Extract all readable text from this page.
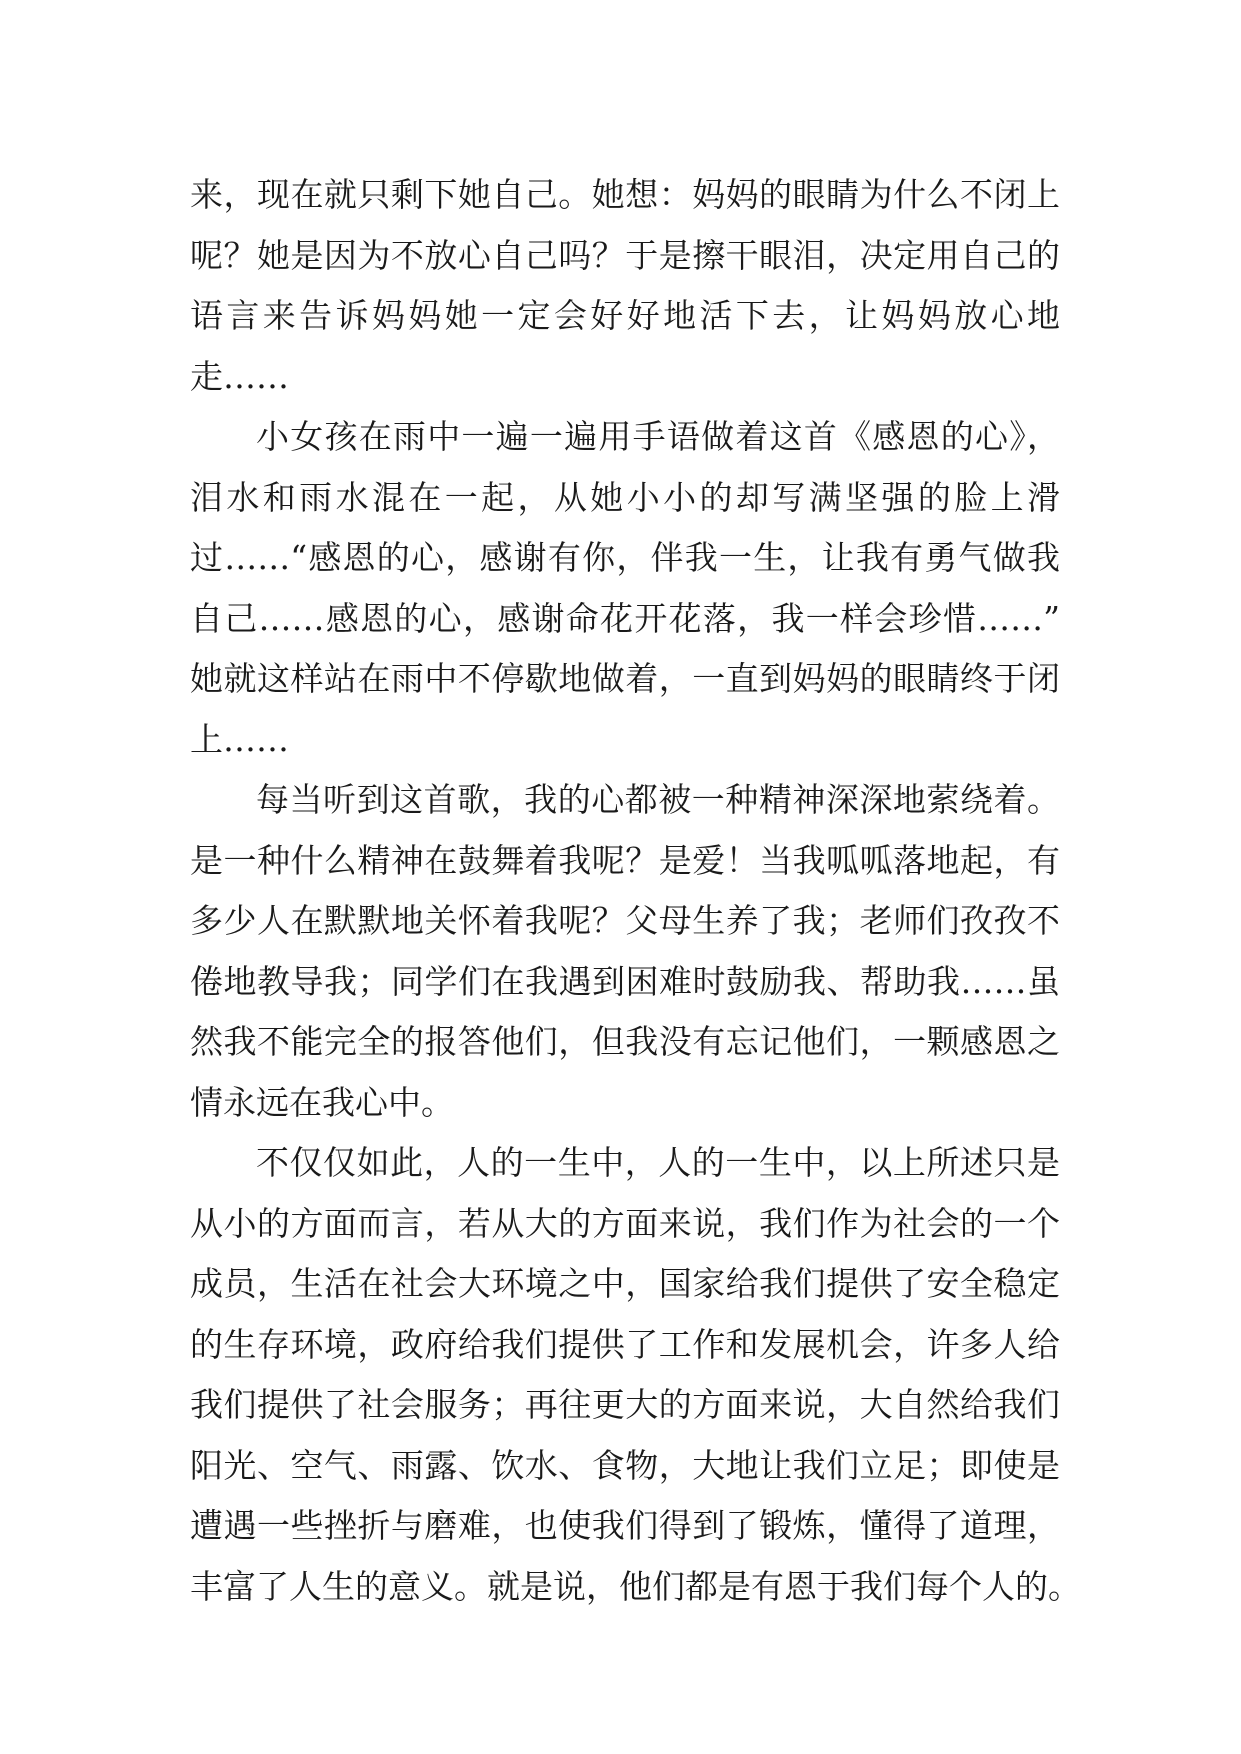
来，现在就只剩下她自己。她想：妈妈的眼睛为什么不闭上
呢？她是因为不放心自己吗？于是擦干眼泪，决定用自己的
语言来告诉妈妈她一定会好好地活下去，让妈妈放心地
走……
小女孩在雨中一遍一遍用手语做着这首《感恩的心》，
泪水和雨水混在一起，从她小小的却写满坚强的脸上滑
过……“感恩的心，感谢有你，伴我一生，让我有勇气做我
自己……感恩的心，感谢命花开花落，我一样会珍惜……”
她就这样站在雨中不停歇地做着，一直到妈妈的眼睛终于闭
上……
每当听到这首歌，我的心都被一种精神深深地萦绕着。
是一种什么精神在鼓舞着我呢？是爱！当我呱呱落地起，有
多少人在默默地关怀着我呢？父母生养了我；老师们孜孜不
倦地教导我；同学们在我遇到困难时鼓励我、帮助我……虽
然我不能完全的报答他们，但我没有忘记他们，一颗感恩之
情永远在我心中。
不仅仅如此，人的一生中，人的一生中，以上所述只是
从小的方面而言，若从大的方面来说，我们作为社会的一个
成员，生活在社会大环境之中，国家给我们提供了安全稳定
的生存环境，政府给我们提供了工作和发展机会，许多人给
我们提供了社会服务；再往更大的方面来说，大自然给我们
阳光、空气、雨露、饮水、食物，大地让我们立足；即使是
遭遇一些挫折与磨难，也使我们得到了锻炼，懂得了道理，
丰富了人生的意义。就是说，他们都是有恩于我们每个人的。
